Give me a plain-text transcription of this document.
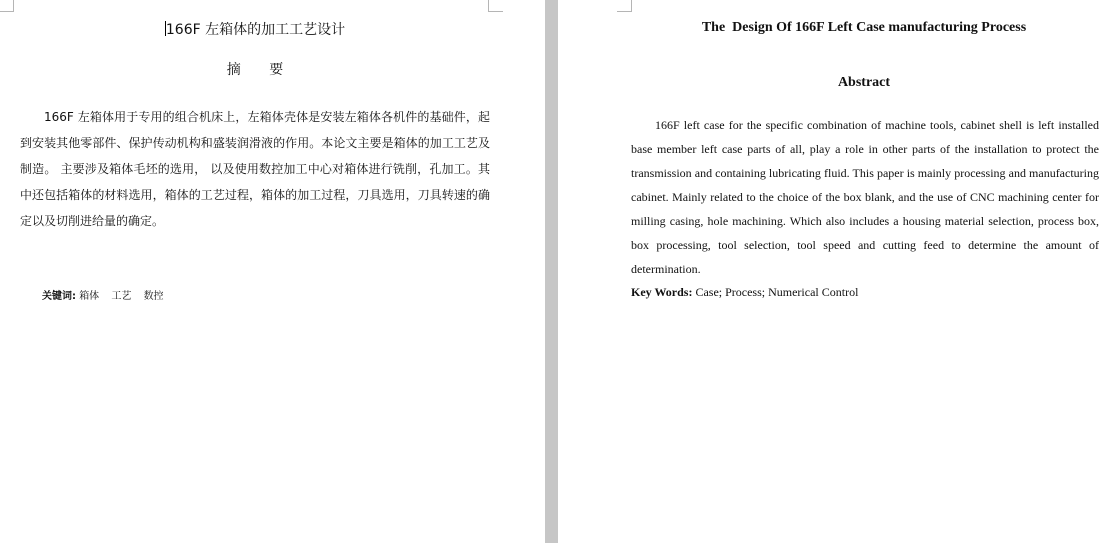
166F 左箱体的加工工艺设计
摘 要
166F 左箱体用于专用的组合机床上，左箱体壳体是安装左箱体各机件的基础件，起到安装其他零部件、保护传动机构和盛装润滑液的作用。本论文主要是箱体的加工工艺及制造。 主要涉及箱体毛坯的选用， 以及使用数控加工中心对箱体进行铣削，孔加工。其中还包括箱体的材料选用，箱体的工艺过程，箱体的加工过程，刀具选用，刀具转速的确定以及切削进给量的确定。
关键词: 箱体 工艺 数控
The  Design Of 166F Left Case manufacturing Process
Abstract
166F left case for the specific combination of machine tools, cabinet shell is left installed base member left case parts of all, play a role in other parts of the installation to protect the transmission and containing lubricating fluid. This paper is mainly processing and manufacturing cabinet. Mainly related to the choice of the box blank, and the use of CNC machining center for milling casing, hole machining. Which also includes a housing material selection, process box, box processing, tool selection, tool speed and cutting feed to determine the amount of determination.
Key Words: Case; Process; Numerical Control
